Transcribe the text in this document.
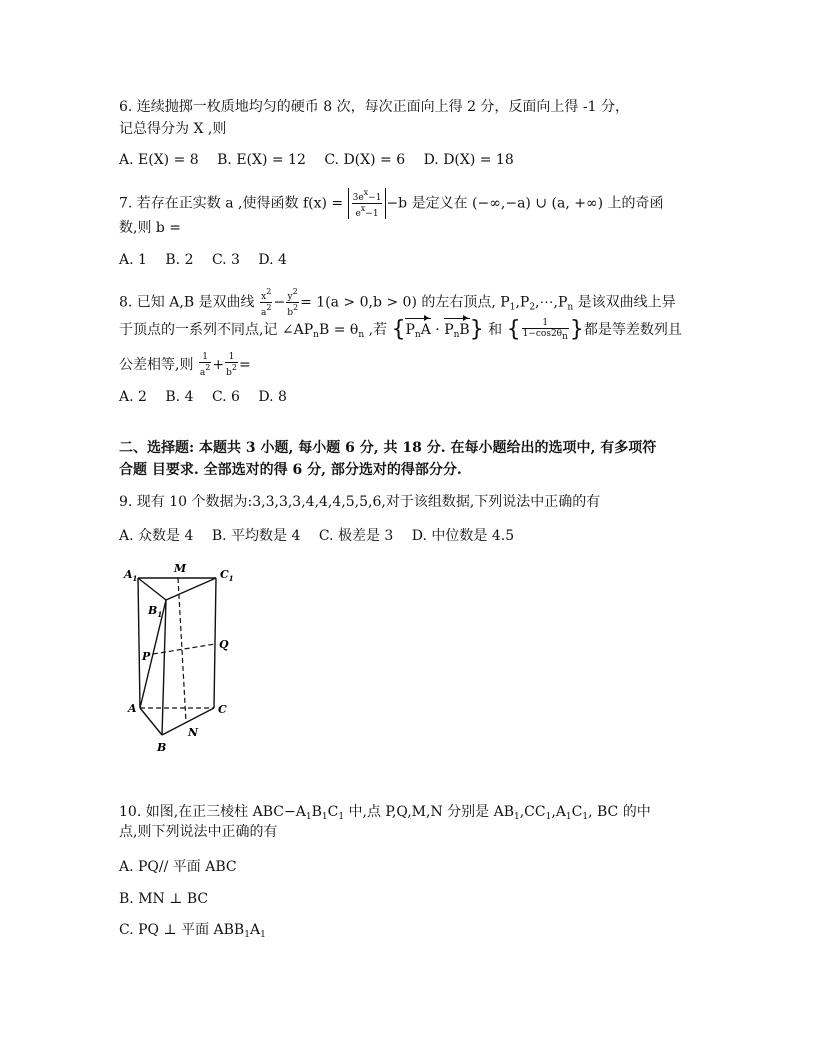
6. 连续抛掷一枚质地均匀的硬币 8 次，每次正面向上得 2 分，反面向上得 -1 分，
记总得分为 X ,则
A. E(X) = 8 B. E(X) = 12 C. D(X) = 6 D. D(X) = 18
7. 若存在正实数 a ,使得函数 $f(x) = \frac{3e^x-1}{e^x-1} -b$ 是定义在 (−∞,−a) ∪ (a, +∞) 上的奇函
数,则 b =
A. 1 B. 2 C. 3 D. 4
8. 已知 A,B 是双曲线 $\frac{x^2}{a^2} - \frac{y^2}{b^2} = 1(a > 0,b > 0)$ 的左右顶点, $P_1,P_2,\cdots,P_n$ 是该双曲线上异
于顶点的一系列不同点,记 $\angle AP_nB = \theta_n$ ,若 $\{P_nA \cdot P_nB\}$ 和 { $\frac{1}{1-\cos 2\theta_n}$ }都是等差数列且
公差相等,则 $\frac{1}{a^2} + \frac{1}{b^2}$ =
A. 2 B. 4 C. 6 D. 8
二、选择题: 本题共 3 小题, 每小题 6 分, 共 18 分. 在每小题给出的选项中, 有多项符
合题 目要求. 全部选对的得 6 分, 部分选对的得部分分.
9. 现有 10 个数据为:3,3,3,3,4,4,4,5,5,6,对于该组数据,下列说法中正确的有
A. 众数是 4 B. 平均数是 4 C. 极差是 3 D. 中位数是 4.5
$A_1$
M	$C_1$
$B_1$
Q
P
A	C
N
B
10. 如图,在正三棱柱 $ABC-A_1B_1C_1$ 中,点 P,Q,M,N 分别是 $AB_1,CC_1,A_1C_1$, BC 的中
点,则下列说法中正确的有
A. PQ// 平面 ABC
B. MN ⊥ BC
C. PQ ⊥ 平面 $ABB_1A_1$
